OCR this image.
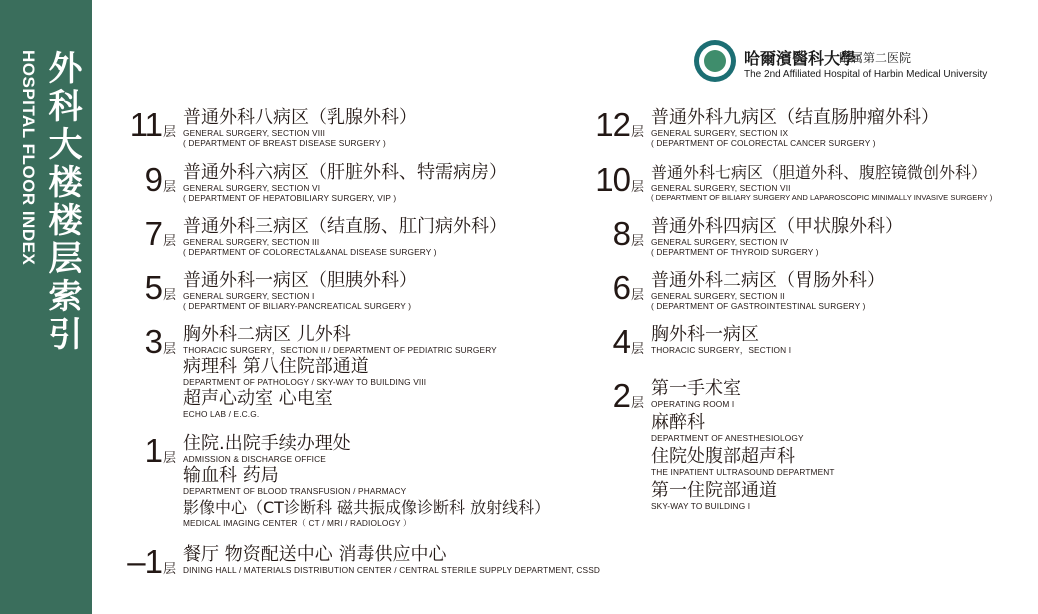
外科大楼楼层索引
HOSPITAL FLOOR INDEX	哈爾濱醫科大學
附属第二医院
The 2nd Affiliated Hospital of Harbin Medical University
11层
普通外科八病区（乳腺外科）
GENERAL SURGERY, SECTION VIII
( DEPARTMENT OF BREAST DISEASE SURGERY )
9层
普通外科六病区（肝脏外科、特需病房）
GENERAL SURGERY, SECTION VI
( DEPARTMENT OF HEPATOBILIARY SURGERY, VIP )
7层
普通外科三病区（结直肠、肛门病外科）
GENERAL SURGERY, SECTION III
( DEPARTMENT OF COLORECTAL&ANAL DISEASE SURGERY )
5层
普通外科一病区（胆胰外科）
GENERAL SURGERY, SECTION I
( DEPARTMENT OF BILIARY-PANCREATICAL SURGERY )
3层
胸外科二病区 儿外科
THORACIC SURGERY，SECTION II / DEPARTMENT OF PEDIATRIC SURGERY
病理科 第八住院部通道
DEPARTMENT OF PATHOLOGY / SKY-WAY TO BUILDING VIII
超声心动室 心电室
ECHO LAB / E.C.G.
1层
住院.出院手续办理处
ADMISSION & DISCHARGE OFFICE
输血科 药局
DEPARTMENT OF BLOOD TRANSFUSION / PHARMACY
影像中心（CT诊断科 磁共振成像诊断科 放射线科）
MEDICAL IMAGING CENTER（ CT / MRI / RADIOLOGY ）
–1层
餐厅 物资配送中心 消毒供应中心
DINING HALL / MATERIALS DISTRIBUTION CENTER / CENTRAL STERILE SUPPLY DEPARTMENT, CSSD
12层
普通外科九病区（结直肠肿瘤外科）
GENERAL SURGERY, SECTION IX
( DEPARTMENT OF COLORECTAL CANCER SURGERY )
10层
普通外科七病区（胆道外科、腹腔镜微创外科）
GENERAL SURGERY, SECTION VII
( DEPARTMENT OF BILIARY SURGERY AND LAPAROSCOPIC MINIMALLY INVASIVE SURGERY )
8层
普通外科四病区（甲状腺外科）
GENERAL SURGERY, SECTION IV
( DEPARTMENT OF THYROID SURGERY )
6层
普通外科二病区（胃肠外科）
GENERAL SURGERY, SECTION II
( DEPARTMENT OF GASTROINTESTINAL SURGERY )
4层
胸外科一病区
THORACIC SURGERY，SECTION I
2层
第一手术室
OPERATING ROOM I
麻醉科
DEPARTMENT OF ANESTHESIOLOGY
住院处腹部超声科
THE INPATIENT ULTRASOUND DEPARTMENT
第一住院部通道
SKY-WAY TO BUILDING I
